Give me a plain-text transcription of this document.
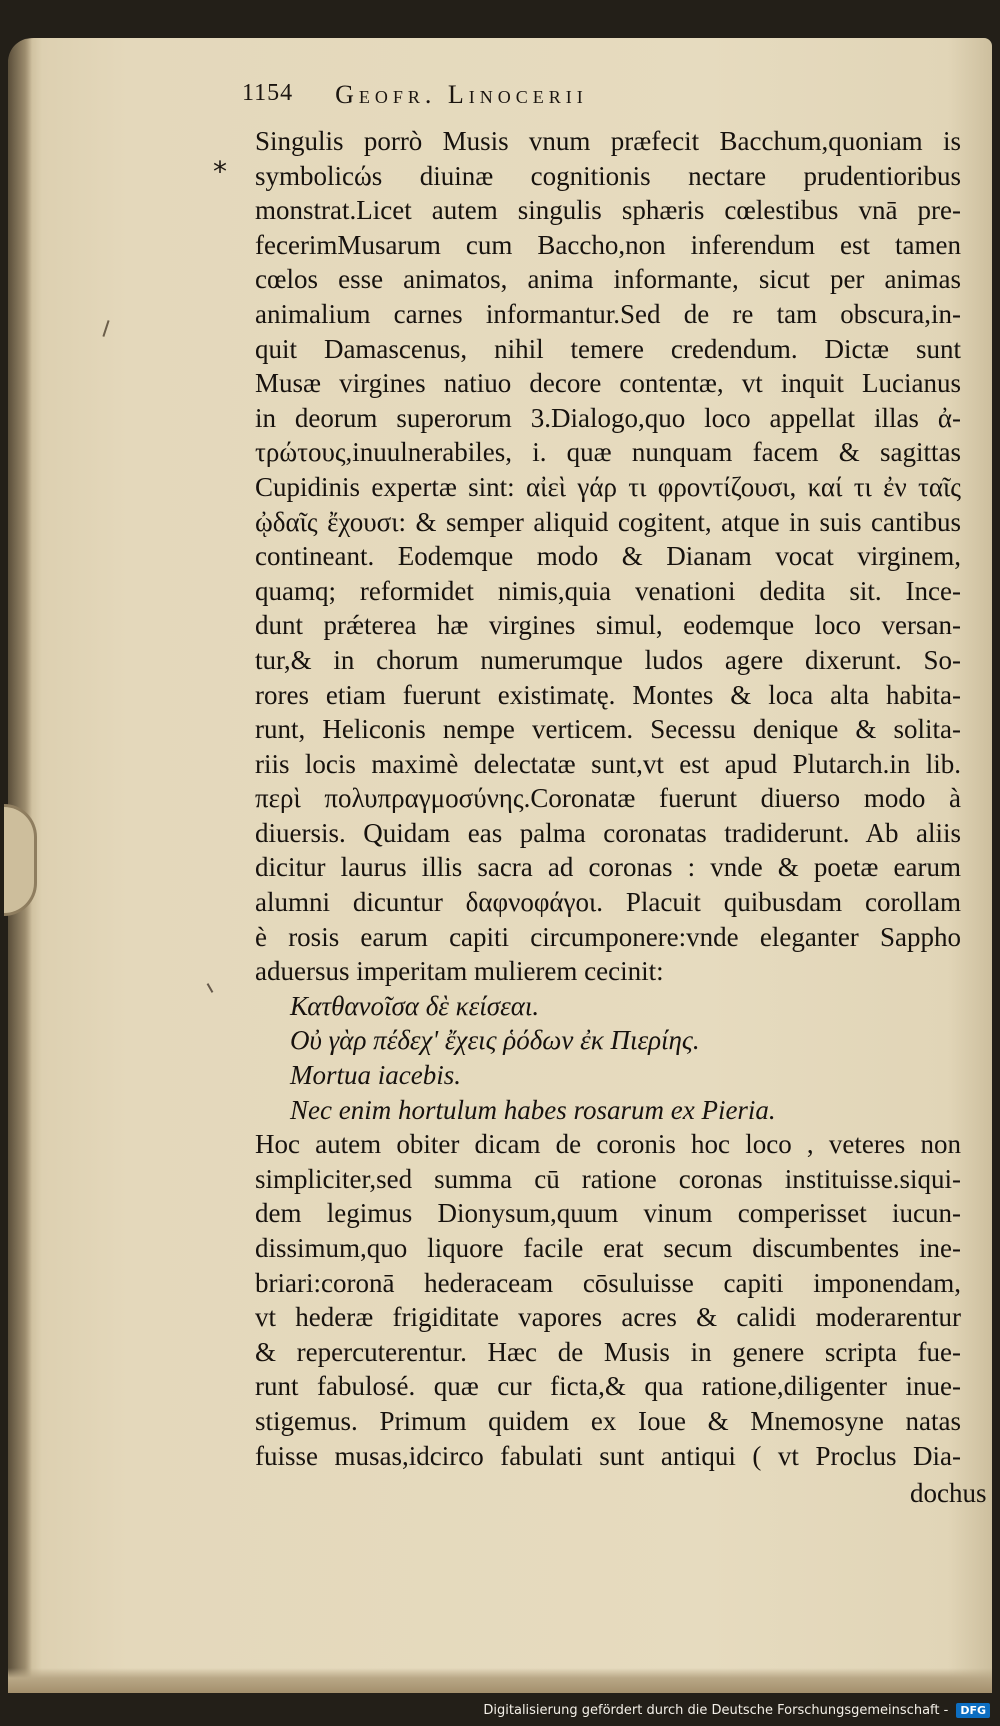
1154 Geofr. Linocerii
*
Singulis porrò Musis vnum præfecit Bacchum,quoniam is
symbolicώs diuinæ cognitionis nectare prudentioribus
monstrat.Licet autem singulis sphæris cœlestibus vnā pre-
fecerimMusarum cum Baccho,non inferendum est tamen
cœlos esse animatos, anima informante, sicut per animas
animalium carnes informantur.Sed de re tam obscura,in-
quit Damascenus, nihil temere credendum. Dictæ sunt
Musæ virgines natiuo decore contentæ, vt inquit Lucianus
in deorum superorum 3.Dialogo,quo loco appellat illas ἀ-
τρώτους,inuulnerabiles, i. quæ nunquam facem & sagittas
Cupidinis expertæ sint: αἰεὶ γάρ τι φροντίζουσι, καί τι ἐν ταῖς
ᾠδαῖς ἔχουσι: & semper aliquid cogitent, atque in suis cantibus
contineant. Eodemque modo & Dianam vocat virginem,
quamq; reformidet nimis,quia venationi dedita sit. Ince-
dunt prǽterea hæ virgines simul, eodemque loco versan-
tur,& in chorum numerumque ludos agere dixerunt. So-
rores etiam fuerunt existimatę. Montes & loca alta habita-
runt, Heliconis nempe verticem. Secessu denique & solita-
riis locis maximè delectatæ sunt,vt est apud Plutarch.in lib.
περὶ πολυπραγμοσύνης.Coronatæ fuerunt diuerso modo à
diuersis. Quidam eas palma coronatas tradiderunt. Ab aliis
dicitur laurus illis sacra ad coronas : vnde & poetæ earum
alumni dicuntur δαφνοφάγοι. Placuit quibusdam corollam
è rosis earum capiti circumponere:vnde eleganter Sappho
aduersus imperitam mulierem cecinit:
Κατθανοῖσα δὲ κείσεαι.
Οὐ γὰρ πέδεχ' ἔχεις ῥόδων ἐκ Πιερίης.
Mortua iacebis.
Nec enim hortulum habes rosarum ex Pieria.
Hoc autem obiter dicam de coronis hoc loco , veteres non
simpliciter,sed summa cū ratione coronas instituisse.siqui-
dem legimus Dionysum,quum vinum comperisset iucun-
dissimum,quo liquore facile erat secum discumbentes ine-
briari:coronā hederaceam cōsuluisse capiti imponendam,
vt hederæ frigiditate vapores acres & calidi moderarentur
& repercuterentur. Hæc de Musis in genere scripta fue-
runt fabulosé. quæ cur ficta,& qua ratione,diligenter inue-
stigemus. Primum quidem ex Ioue & Mnemosyne natas
fuisse musas,idcirco fabulati sunt antiqui ( vt Proclus Dia-
dochus
Digitalisierung gefördert durch die Deutsche Forschungsgemeinschaft -	DFG
